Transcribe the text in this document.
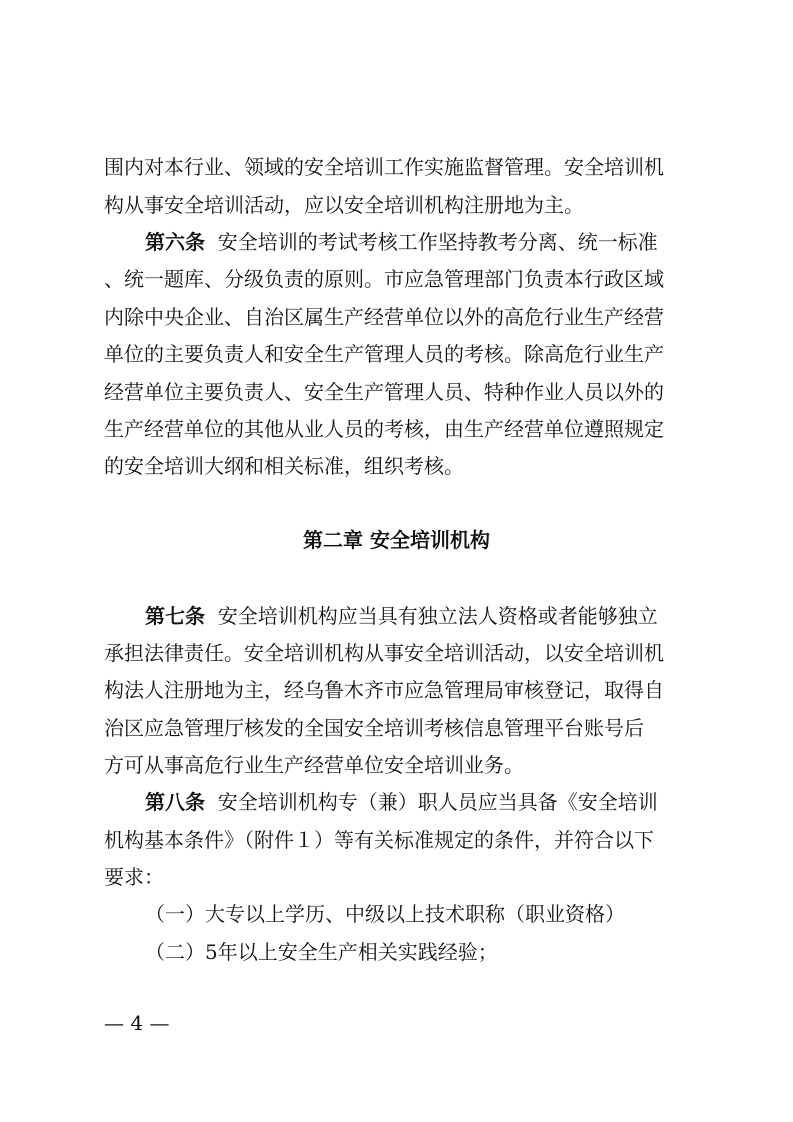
围内对本行业、领域的安全培训工作实施监督管理。安全培训机
构从事安全培训活动，应以安全培训机构注册地为主。
第六条 安全培训的考试考核工作坚持教考分离、统一标准
、统一题库、分级负责的原则。市应急管理部门负责本行政区域
内除中央企业、自治区属生产经营单位以外的高危行业生产经营
单位的主要负责人和安全生产管理人员的考核。除高危行业生产
经营单位主要负责人、安全生产管理人员、特种作业人员以外的
生产经营单位的其他从业人员的考核，由生产经营单位遵照规定
的安全培训大纲和相关标准，组织考核。
第二章 安全培训机构
第七条 安全培训机构应当具有独立法人资格或者能够独立
承担法律责任。安全培训机构从事安全培训活动，以安全培训机
构法人注册地为主，经乌鲁木齐市应急管理局审核登记，取得自
治区应急管理厅核发的全国安全培训考核信息管理平台账号后
方可从事高危行业生产经营单位安全培训业务。
第八条 安全培训机构专（兼）职人员应当具备《安全培训
机构基本条件》（附件１）等有关标准规定的条件，并符合以下
要求：
（一）大专以上学历、中级以上技术职称（职业资格）
（二）5年以上安全生产相关实践经验；
— 4 —
